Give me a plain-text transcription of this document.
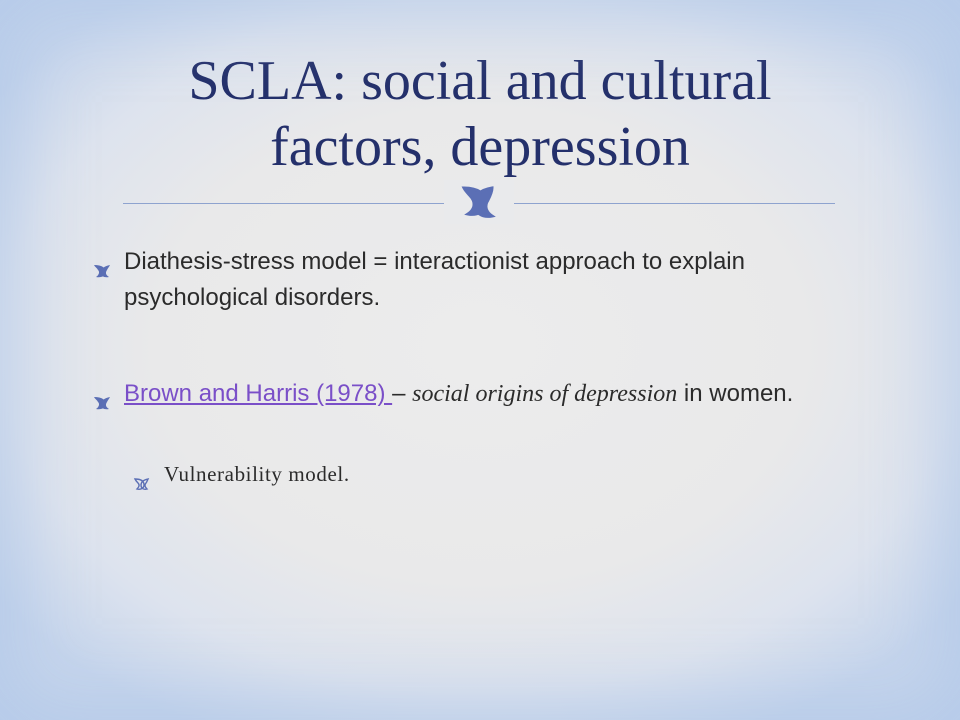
SCLA: social and cultural
factors, depression
Diathesis-stress model = interactionist approach to explain psychological disorders.
Brown and Harris (1978) – social origins of depression in women.
Vulnerability model.
